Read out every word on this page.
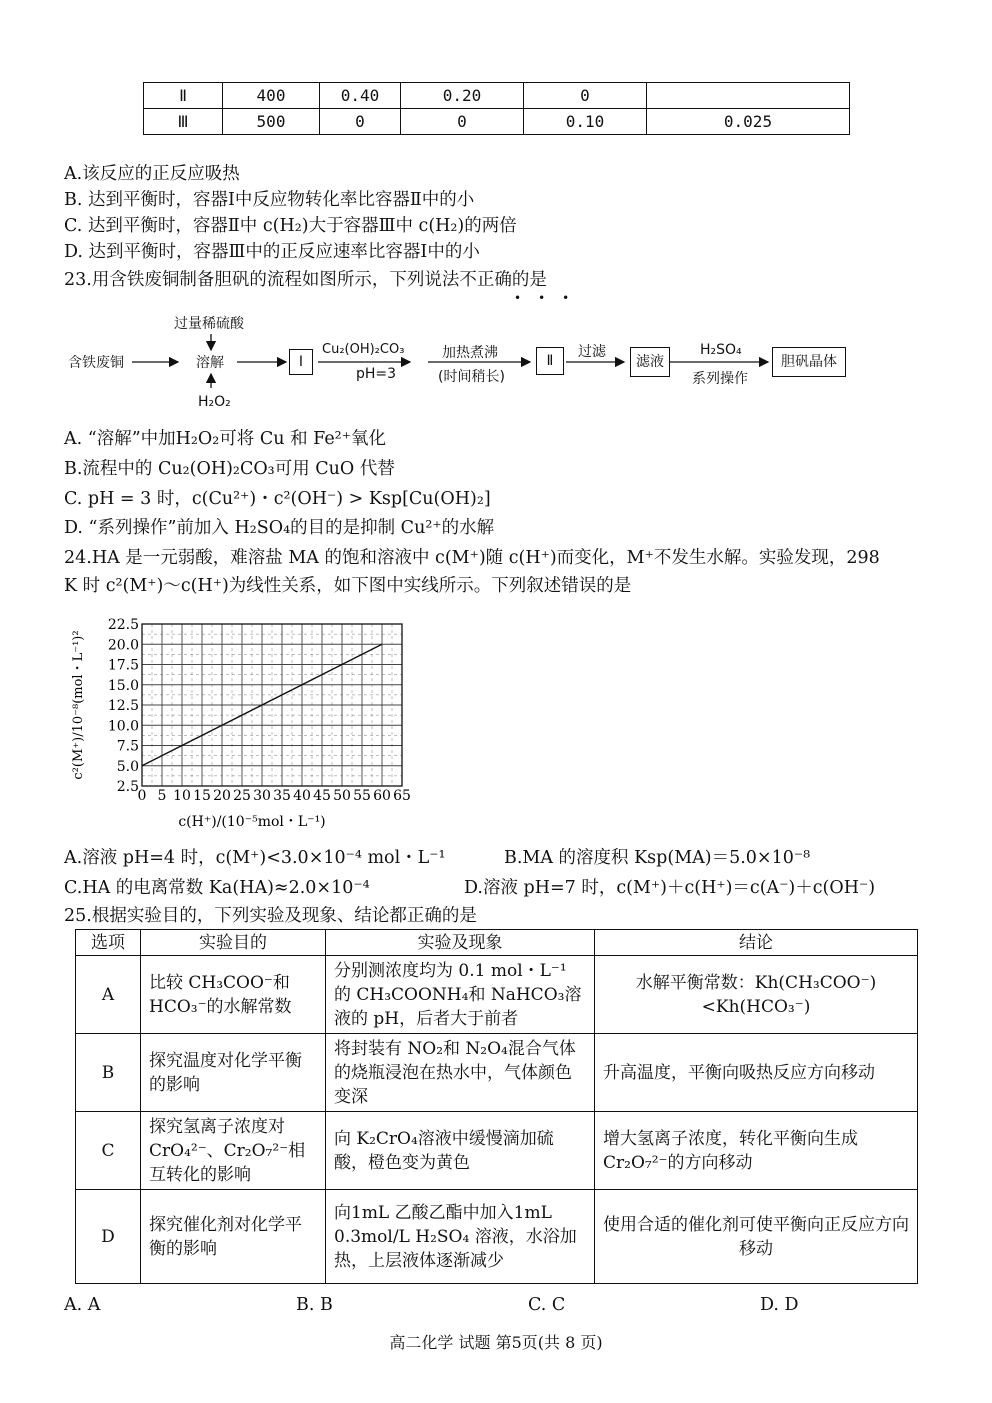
Ⅱ	400	0.40	0.20	0	
Ⅲ	500	0	0	0.10	0.025
A.该反应的正反应吸热
B. 达到平衡时，容器Ⅰ中反应物转化率比容器Ⅱ中的小
C. 达到平衡时，容器Ⅱ中 c(H₂)大于容器Ⅲ中 c(H₂)的两倍
D. 达到平衡时，容器Ⅲ中的正反应速率比容器Ⅰ中的小
23.用含铁废铜制备胆矾的流程如图所示，下列说法不正确的是
•••
含铁废铜
过量稀硫酸
溶解
H₂O₂
Ⅰ
Cu₂(OH)₂CO₃
pH=3
加热煮沸
(时间稍长)
Ⅱ
过滤
滤液
H₂SO₄
系列操作
胆矾晶体
A. “溶解”中加H₂O₂可将 Cu 和 Fe²⁺氧化
B.流程中的 Cu₂(OH)₂CO₃可用 CuO 代替
C. pH = 3 时，c(Cu²⁺)・c²(OH⁻) > Ksp[Cu(OH)₂]
D. “系列操作”前加入 H₂SO₄的目的是抑制 Cu²⁺的水解
24.HA 是一元弱酸，难溶盐 MA 的饱和溶液中 c(M⁺)随 c(H⁺)而变化，M⁺不发生水解。实验发现，298
K 时 c²(M⁺)～c(H⁺)为线性关系，如下图中实线所示。下列叙述错误的是
0 5 10 15 20 25 30 35 40 45 50 55 60 65
2.5
5.0
7.5
10.0
12.5
15.0
17.5
20.0
22.5
c(H⁺)/(10⁻⁵mol・L⁻¹)
c²(M⁺)/10⁻⁸(mol・L⁻¹)²
A.溶液 pH=4 时，c(M⁺)<3.0×10⁻⁴ mol・L⁻¹	B.MA 的溶度积 Ksp(MA)＝5.0×10⁻⁸
C.HA 的电离常数 Ka(HA)≈2.0×10⁻⁴	D.溶液 pH=7 时，c(M⁺)＋c(H⁺)＝c(A⁻)＋c(OH⁻)
25.根据实验目的，下列实验及现象、结论都正确的是
选项	实验目的	实验及现象	结论
A	比较 CH₃COO⁻和 HCO₃⁻的水解常数	分别测浓度均为 0.1 mol・L⁻¹ 的 CH₃COONH₄和 NaHCO₃溶液的 pH，后者大于前者	水解平衡常数：Kh(CH₃COO⁻)<Kh(HCO₃⁻)
B	探究温度对化学平衡的影响	将封装有 NO₂和 N₂O₄混合气体的烧瓶浸泡在热水中，气体颜色变深	升高温度，平衡向吸热反应方向移动
C	探究氢离子浓度对 CrO₄²⁻、Cr₂O₇²⁻相互转化的影响	向 K₂CrO₄溶液中缓慢滴加硫酸，橙色变为黄色	增大氢离子浓度，转化平衡向生成 Cr₂O₇²⁻的方向移动
D	探究催化剂对化学平衡的影响	向1mL 乙酸乙酯中加入1mL 0.3mol/L H₂SO₄ 溶液，水浴加热，上层液体逐渐减少	使用合适的催化剂可使平衡向正反应方向移动
A. A	B. B	C. C	D. D
高二化学 试题 第5页(共 8 页)
